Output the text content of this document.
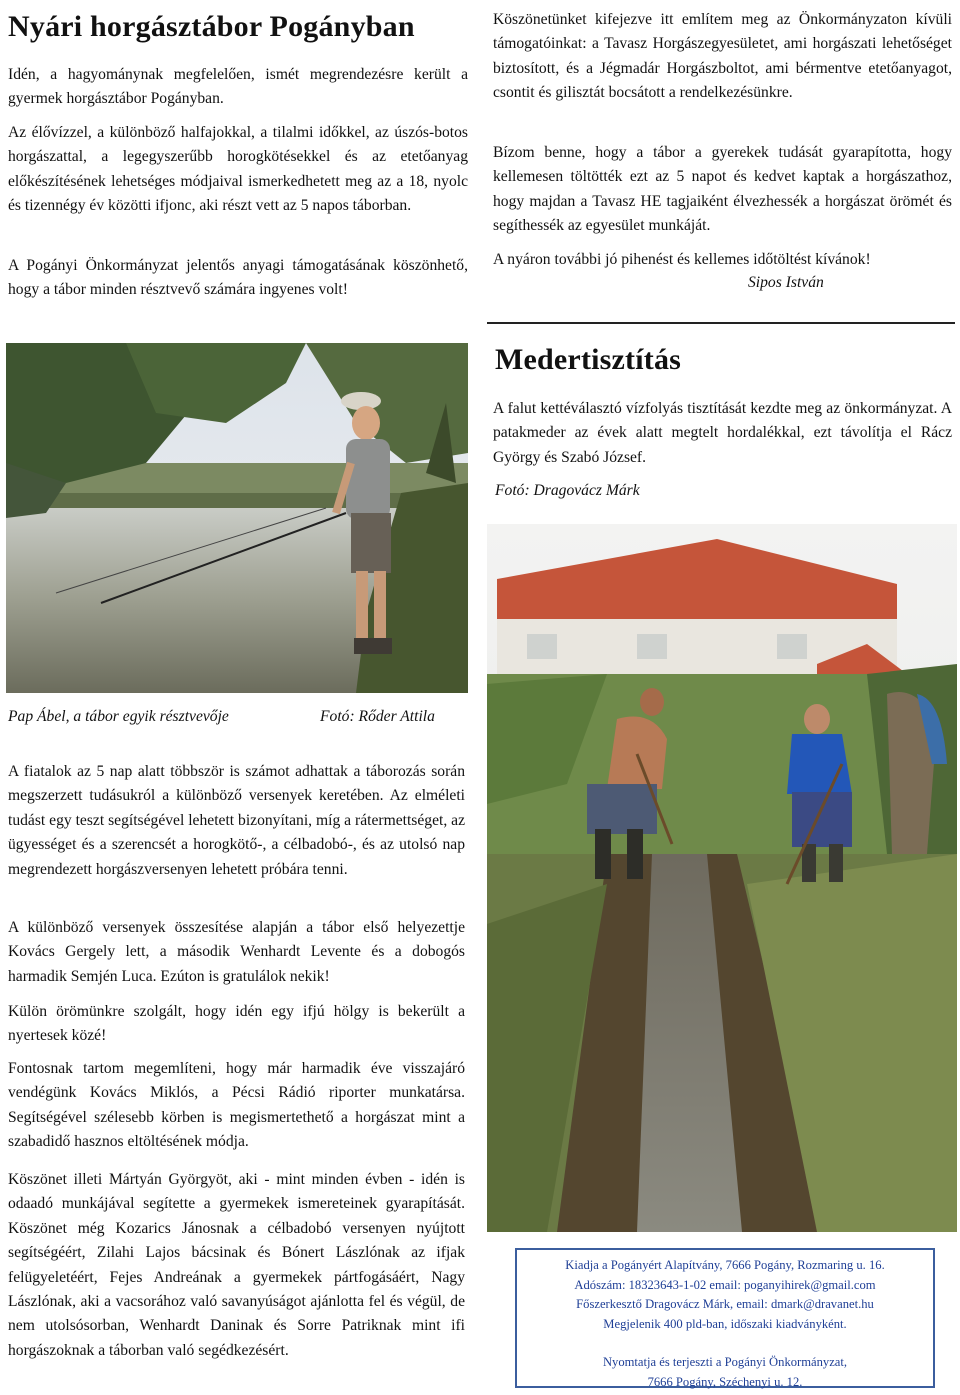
Nyári horgásztábor Pogányban

Idén, a hagyománynak megfelelően, ismét megrendezésre került a gyermek horgásztábor Pogányban.

Az élővízzel, a különböző halfajokkal, a tilalmi időkkel, az úszós-botos horgászattal, a legegyszerűbb horogkötésekkel és az etetőanyag előkészítésének lehetséges módjaival ismerkedhetett meg az a 18, nyolc és tizennégy év közötti ifjonc, aki részt vett az 5 napos táborban.

A Pogányi Önkormányzat jelentős anyagi támogatásának köszönhető, hogy a tábor minden résztvevő számára ingyenes volt!

Pap Ábel, a tábor egyik résztvevője	Fotó: Rőder Attila

A fiatalok az 5 nap alatt többször is számot adhattak a táborozás során megszerzett tudásukról a különböző versenyek keretében. Az elméleti tudást egy teszt segítségével lehetett bizonyítani, míg a rátermettséget, az ügyességet és a szerencsét a horogkötő-, a célbadobó-, és az utolsó nap megrendezett horgászversenyen lehetett próbára tenni.

A különböző versenyek összesítése alapján a tábor első helyezettje Kovács Gergely lett, a második Wenhardt Levente és a dobogós harmadik Semjén Luca. Ezúton is gratulálok nekik!

Külön örömünkre szolgált, hogy idén egy ifjú hölgy is bekerült a nyertesek közé!

Fontosnak tartom megemlíteni, hogy már harmadik éve visszajáró vendégünk Kovács Miklós, a Pécsi Rádió riporter munkatársa. Segítségével szélesebb körben is megismertethető a horgászat mint a szabadidő hasznos eltöltésének módja.

Köszönet illeti Mártyán Györgyöt, aki - mint minden évben - idén is odaadó munkájával segítette a gyermekek ismereteinek gyarapítását. Köszönet még Kozarics Jánosnak a célbadobó versenyen nyújtott segítségéért, Zilahi Lajos bácsinak és Bónert Lászlónak az ifjak felügyeletéért, Fejes Andreának a gyermekek pártfogásáért, Nagy Lászlónak, aki a vacsorához való savanyúságot ajánlotta fel és végül, de nem utolsósorban, Wenhardt Daninak és Sorre Patriknak mint ifi horgászoknak a táborban való segédkezésért.

Köszönetünket kifejezve itt említem meg az Önkormányzaton kívüli támogatóinkat: a Tavasz Horgászegyesületet, ami horgászati lehetőséget biztosított, és a Jégmadár Horgászboltot, ami bérmentve etetőanyagot, csontit és gilisztát bocsátott a rendelkezésünkre.

Bízom benne, hogy a tábor a gyerekek tudását gyarapította, hogy kellemesen töltötték ezt az 5 napot és kedvet kaptak a horgászathoz, hogy majdan a Tavasz HE tagjaiként élvezhessék a horgászat örömét és segíthessék az egyesület munkáját.

A nyáron további jó pihenést és kellemes időtöltést kívánok!

Sipos István
Medertisztítás

A falut kettéválasztó vízfolyás tisztítását kezdte meg az önkormányzat. A patakmeder az évek alatt megtelt hordalékkal, ezt távolítja el Rácz György és Szabó József.

Fotó: Dragovácz Márk
Kiadja a Pogányért Alapítvány, 7666 Pogány, Rozmaring u. 16.
Adószám: 18323643-1-02 email: poganyihirek@gmail.com
Főszerkesztő Dragovácz Márk, email: dmark@dravanet.hu
Megjelenik 400 pld-ban, időszaki kiadványként.
Nyomtatja és terjeszti a Pogányi Önkormányzat,
7666 Pogány, Széchenyi u. 12.
